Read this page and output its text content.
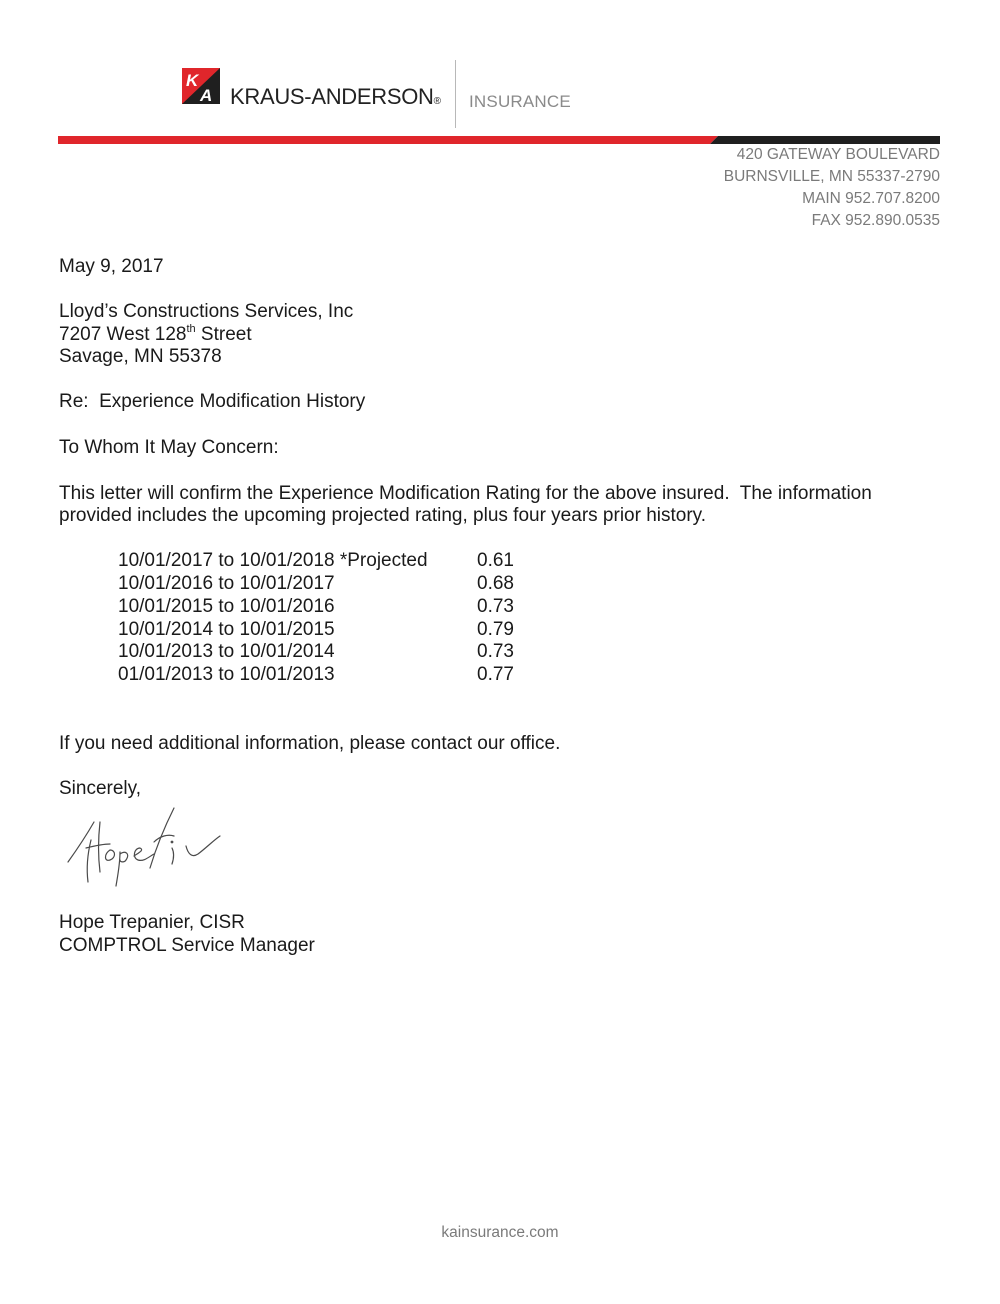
K
A KRAUS-ANDERSON® INSURANCE
420 GATEWAY BOULEVARD
BURNSVILLE, MN 55337-2790
MAIN 952.707.8200
FAX 952.890.0535
May 9, 2017
Lloyd’s Constructions Services, Inc
7207 West 128th Street
Savage, MN 55378
Re:  Experience Modification History
To Whom It May Concern:
This letter will confirm the Experience Modification Rating for the above insured.  The information
provided includes the upcoming projected rating, plus four years prior history.
10/01/2017 to 10/01/2018 *Projected	0.61
10/01/2016 to 10/01/2017	0.68
10/01/2015 to 10/01/2016	0.73
10/01/2014 to 10/01/2015	0.79
10/01/2013 to 10/01/2014	0.73
01/01/2013 to 10/01/2013	0.77
If you need additional information, please contact our office.
Sincerely,
Hope Trepanier, CISR
COMPTROL Service Manager
kainsurance.com
